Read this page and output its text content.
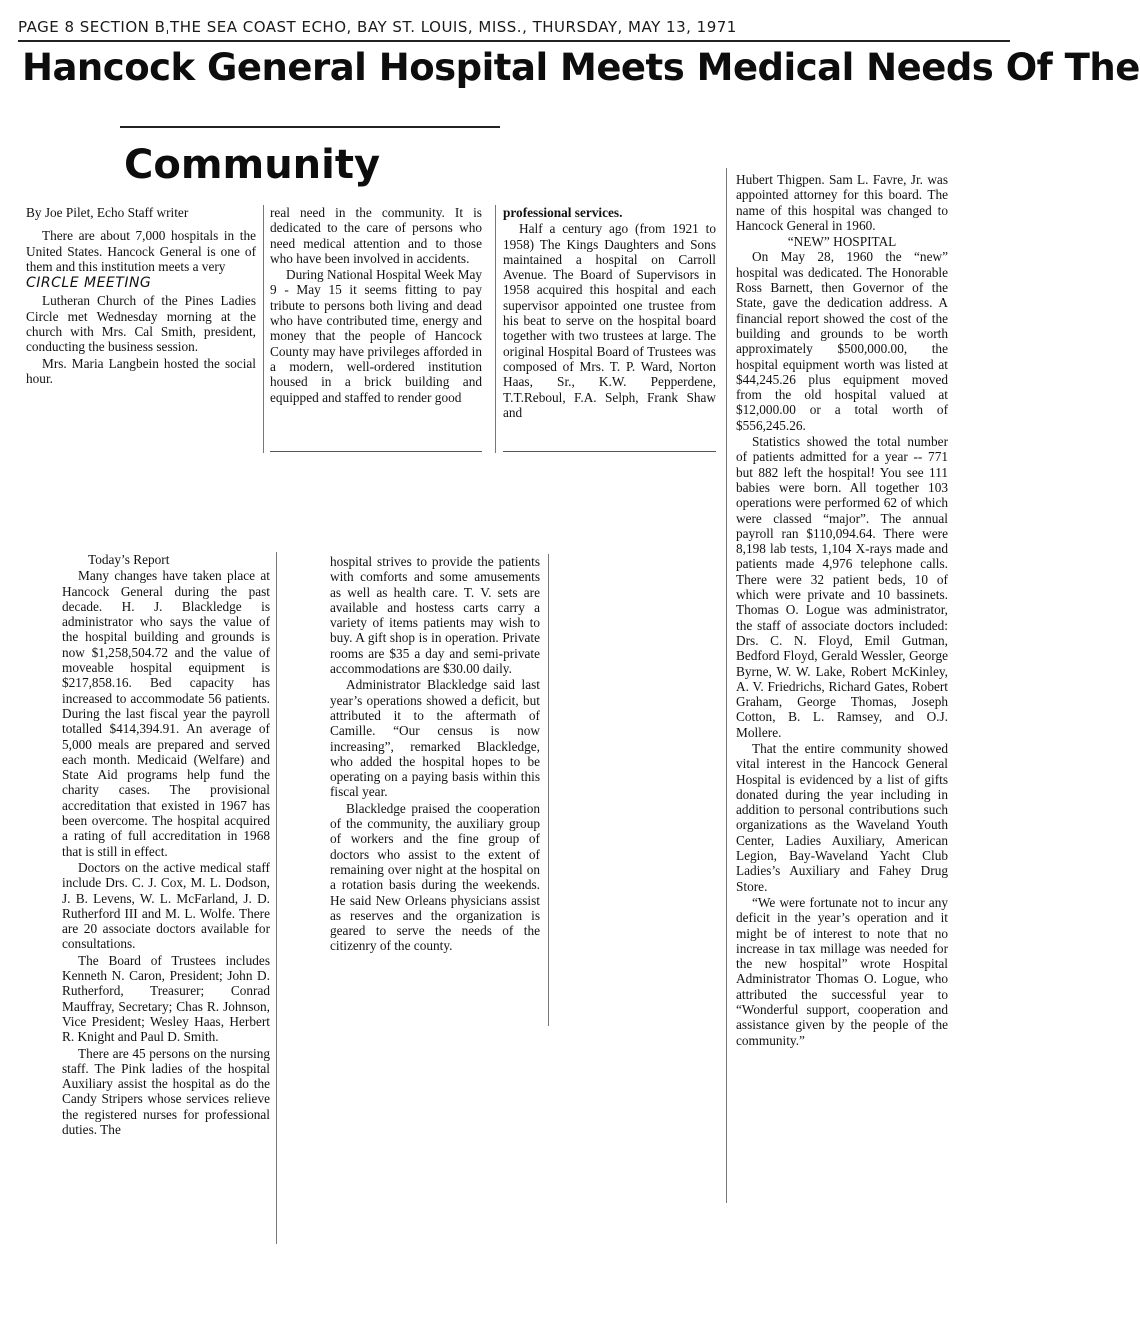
PAGE 8 SECTION BˌTHE SEA COAST ECHO, BAY ST. LOUIS, MISS., THURSDAY, MAY 13, 1971
Hancock General Hospital Meets Medical Needs Of The
Community

By Joe Pilet, Echo Staff writer

There are about 7,000 hospitals in the United States. Hancock General is one of them and this institution meets a very

CIRCLE MEETING

Lutheran Church of the Pines Ladies Circle met Wednesday morning at the church with Mrs. Cal Smith, president, conducting the business session.

Mrs. Maria Langbein hosted the social hour.

real need in the community. It is dedicated to the care of persons who need medical attention and to those who have been involved in accidents.

During National Hospital Week May 9 - May 15 it seems fitting to pay tribute to persons both living and dead who have contributed time, energy and money that the people of Hancock County may have privileges afforded in a modern, well-ordered institution housed in a brick building and equipped and staffed to render good

professional services.

Half a century ago (from 1921 to 1958) The Kings Daughters and Sons maintained a hospital on Carroll Avenue. The Board of Supervisors in 1958 acquired this hospital and each supervisor appointed one trustee from his beat to serve on the hospital board together with two trustees at large. The original Hospital Board of Trustees was composed of Mrs. T. P. Ward, Norton Haas, Sr., K.W. Pepperdene, T.T.Reboul, F.A. Selph, Frank Shaw and

Hubert Thigpen. Sam L. Favre, Jr. was appointed attorney for this board. The name of this hospital was changed to Hancock General in 1960.

“NEW” HOSPITAL

On May 28, 1960 the “new” hospital was dedicated. The Honorable Ross Barnett, then Governor of the State, gave the dedication address. A financial report showed the cost of the building and grounds to be worth approximately $500,000.00, the hospital equipment worth was listed at $44,245.26 plus equipment moved from the old hospital valued at $12,000.00 or a total worth of $556,245.26.

Statistics showed the total number of patients admitted for a year -- 771 but 882 left the hospital! You see 111 babies were born. All together 103 operations were performed 62 of which were classed “major”. The annual payroll ran $110,094.64. There were 8,198 lab tests, 1,104 X-rays made and patients made 4,976 telephone calls. There were 32 patient beds, 10 of which were private and 10 bassinets. Thomas O. Logue was administrator, the staff of associate doctors included: Drs. C. N. Floyd, Emil Gutman, Bedford Floyd, Gerald Wessler, George Byrne, W. W. Lake, Robert McKinley, A. V. Friedrichs, Richard Gates, Robert Graham, George Thomas, Joseph Cotton, B. L. Ramsey, and O.J. Mollere.

That the entire community showed vital interest in the Hancock General Hospital is evidenced by a list of gifts donated during the year including in addition to personal contributions such organizations as the Waveland Youth Center, Ladies Auxiliary, American Legion, Bay-Waveland Yacht Club Ladies’s Auxiliary and Fahey Drug Store.

“We were fortunate not to incur any deficit in the year’s operation and it might be of interest to note that no increase in tax millage was needed for the new hospital” wrote Hospital Administrator Thomas O. Logue, who attributed the successful year to “Wonderful support, cooperation and assistance given by the people of the community.”

Today’s Report

Many changes have taken place at Hancock General during the past decade. H. J. Blackledge is administrator who says the value of the hospital building and grounds is now $1,258,504.72 and the value of moveable hospital equipment is $217,858.16. Bed capacity has increased to accommodate 56 patients. During the last fiscal year the payroll totalled $414,394.91. An average of 5,000 meals are prepared and served each month. Medicaid (Welfare) and State Aid programs help fund the charity cases. The provisional accreditation that existed in 1967 has been overcome. The hospital acquired a rating of full accreditation in 1968 that is still in effect.

Doctors on the active medical staff include Drs. C. J. Cox, M. L. Dodson, J. B. Levens, W. L. McFarland, J. D. Rutherford III and M. L. Wolfe. There are 20 associate doctors available for consultations.

The Board of Trustees includes Kenneth N. Caron, President; John D. Rutherford, Treasurer; Conrad Mauffray, Secretary; Chas R. Johnson, Vice President; Wesley Haas, Herbert R. Knight and Paul D. Smith.

There are 45 persons on the nursing staff. The Pink ladies of the hospital Auxiliary assist the hospital as do the Candy Stripers whose services relieve the registered nurses for professional duties. The

hospital strives to provide the patients with comforts and some amusements as well as health care. T. V. sets are available and hostess carts carry a variety of items patients may wish to buy. A gift shop is in operation. Private rooms are $35 a day and semi-private accommodations are $30.00 daily.

Administrator Blackledge said last year’s operations showed a deficit, but attributed it to the aftermath of Camille. “Our census is now increasing”, remarked Blackledge, who added the hospital hopes to be operating on a paying basis within this fiscal year.

Blackledge praised the cooperation of the community, the auxiliary group of workers and the fine group of doctors who assist to the extent of remaining over night at the hospital on a rotation basis during the weekends. He said New Orleans physicians assist as reserves and the organization is geared to serve the needs of the citizenry of the county.
